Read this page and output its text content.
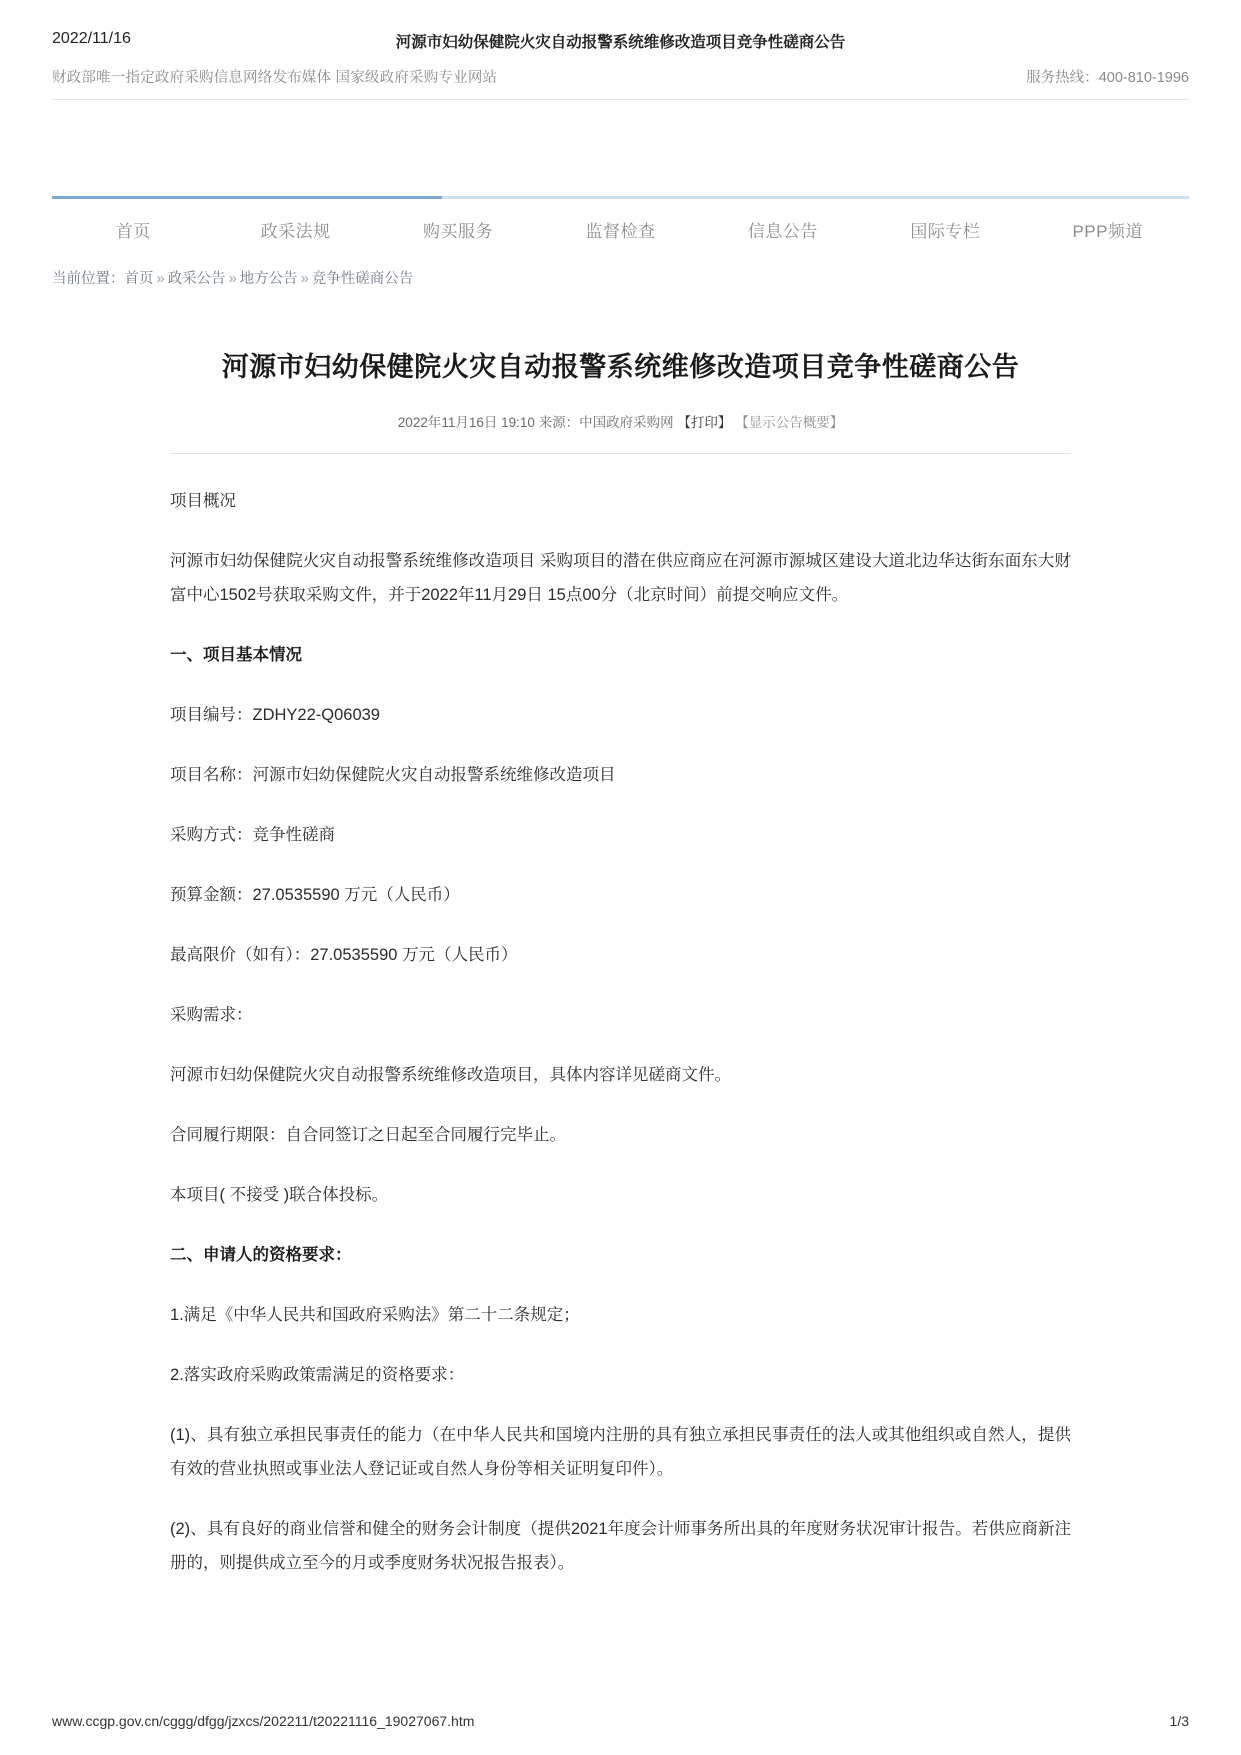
2022/11/16	河源市妇幼保健院火灾自动报警系统维修改造项目竞争性磋商公告
财政部唯一指定政府采购信息网络发布媒体 国家级政府采购专业网站	服务热线：400-810-1996
首页	政采法规	购买服务	监督检查	信息公告	国际专栏	PPP频道
当前位置：首页 » 政采公告 » 地方公告 » 竞争性磋商公告
河源市妇幼保健院火灾自动报警系统维修改造项目竞争性磋商公告
2022年11月16日 19:10 来源：中国政府采购网 【打印】 【显示公告概要】

项目概况

河源市妇幼保健院火灾自动报警系统维修改造项目 采购项目的潜在供应商应在河源市源城区建设大道北边华达街东面东大财富中心1502号获取采购文件，并于2022年11月29日 15点00分（北京时间）前提交响应文件。

一、项目基本情况

项目编号：ZDHY22-Q06039

项目名称：河源市妇幼保健院火灾自动报警系统维修改造项目

采购方式：竞争性磋商

预算金额：27.0535590 万元（人民币）

最高限价（如有）：27.0535590 万元（人民币）

采购需求：

河源市妇幼保健院火灾自动报警系统维修改造项目，具体内容详见磋商文件。

合同履行期限：自合同签订之日起至合同履行完毕止。

本项目( 不接受 )联合体投标。

二、申请人的资格要求：

1.满足《中华人民共和国政府采购法》第二十二条规定；

2.落实政府采购政策需满足的资格要求：

(1)、具有独立承担民事责任的能力（在中华人民共和国境内注册的具有独立承担民事责任的法人或其他组织或自然人，提供有效的营业执照或事业法人登记证或自然人身份等相关证明复印件）。

(2)、具有良好的商业信誉和健全的财务会计制度（提供2021年度会计师事务所出具的年度财务状况审计报告。若供应商新注册的，则提供成立至今的月或季度财务状况报告报表）。

www.ccgp.gov.cn/cggg/dfgg/jzxcs/202211/t20221116_19027067.htm	1/3
